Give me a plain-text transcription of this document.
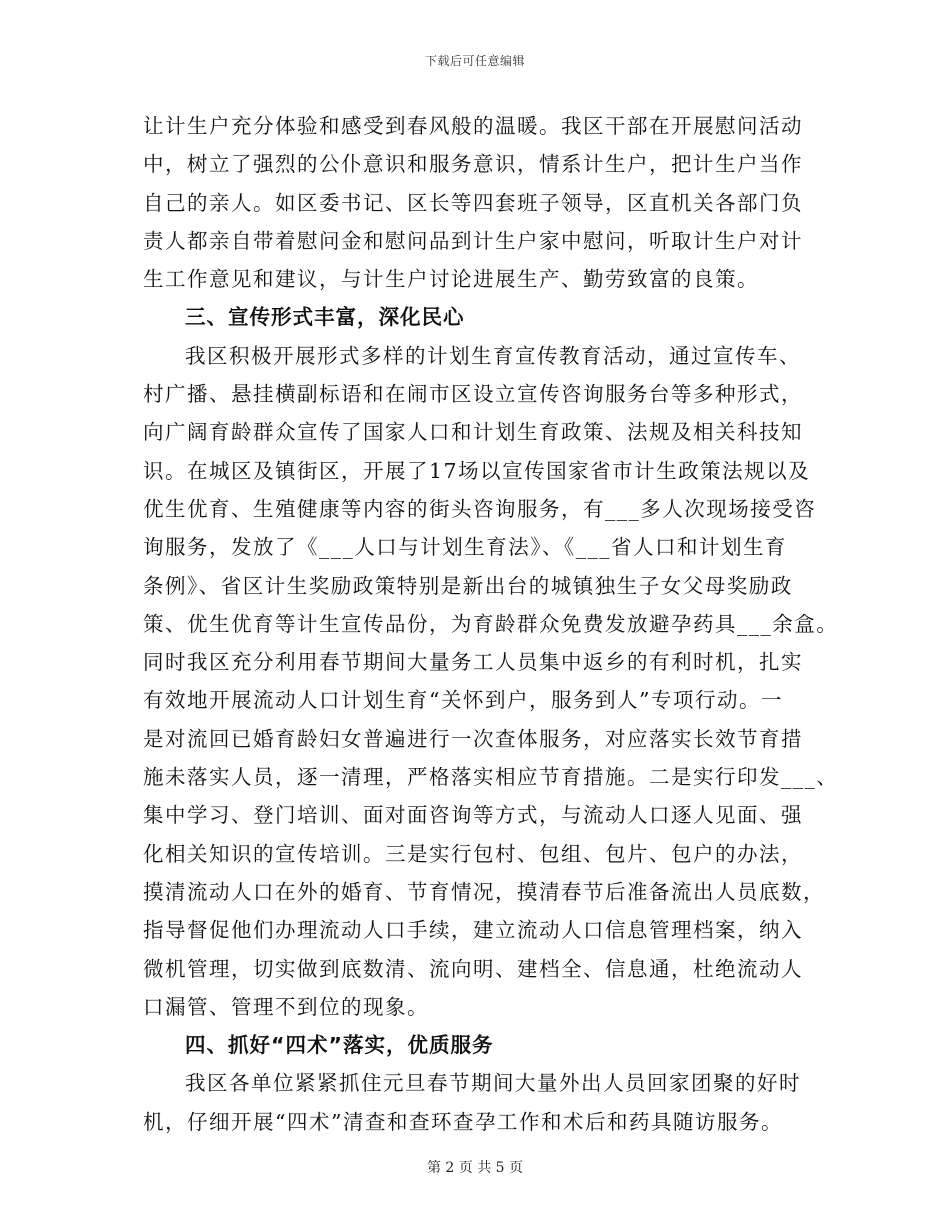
下载后可任意编辑
让计生户充分体验和感受到春风般的温暖。我区干部在开展慰问活动
中，树立了强烈的公仆意识和服务意识，情系计生户，把计生户当作
自己的亲人。如区委书记、区长等四套班子领导，区直机关各部门负
责人都亲自带着慰问金和慰问品到计生户家中慰问，听取计生户对计
生工作意见和建议，与计生户讨论进展生产、勤劳致富的良策。
三、宣传形式丰富，深化民心
我区积极开展形式多样的计划生育宣传教育活动，通过宣传车、
村广播、悬挂横副标语和在闹市区设立宣传咨询服务台等多种形式，
向广阔育龄群众宣传了国家人口和计划生育政策、法规及相关科技知
识。在城区及镇街区，开展了17场以宣传国家省市计生政策法规以及
优生优育、生殖健康等内容的街头咨询服务，有___多人次现场接受咨
询服务，发放了《___人口与计划生育法》、《___省人口和计划生育
条例》、省区计生奖励政策特别是新出台的城镇独生子女父母奖励政
策、优生优育等计生宣传品份，为育龄群众免费发放避孕药具___余盒。
同时我区充分利用春节期间大量务工人员集中返乡的有利时机，扎实
有效地开展流动人口计划生育“关怀到户，服务到人”专项行动。一
是对流回已婚育龄妇女普遍进行一次查体服务，对应落实长效节育措
施未落实人员，逐一清理，严格落实相应节育措施。二是实行印发___、
集中学习、登门培训、面对面咨询等方式，与流动人口逐人见面、强
化相关知识的宣传培训。三是实行包村、包组、包片、包户的办法，
摸清流动人口在外的婚育、节育情况，摸清春节后准备流出人员底数，
指导督促他们办理流动人口手续，建立流动人口信息管理档案，纳入
微机管理，切实做到底数清、流向明、建档全、信息通，杜绝流动人
口漏管、管理不到位的现象。
四、抓好“四术”落实，优质服务
我区各单位紧紧抓住元旦春节期间大量外出人员回家团聚的好时
机，仔细开展“四术”清查和查环查孕工作和术后和药具随访服务。
第 2 页 共 5 页
